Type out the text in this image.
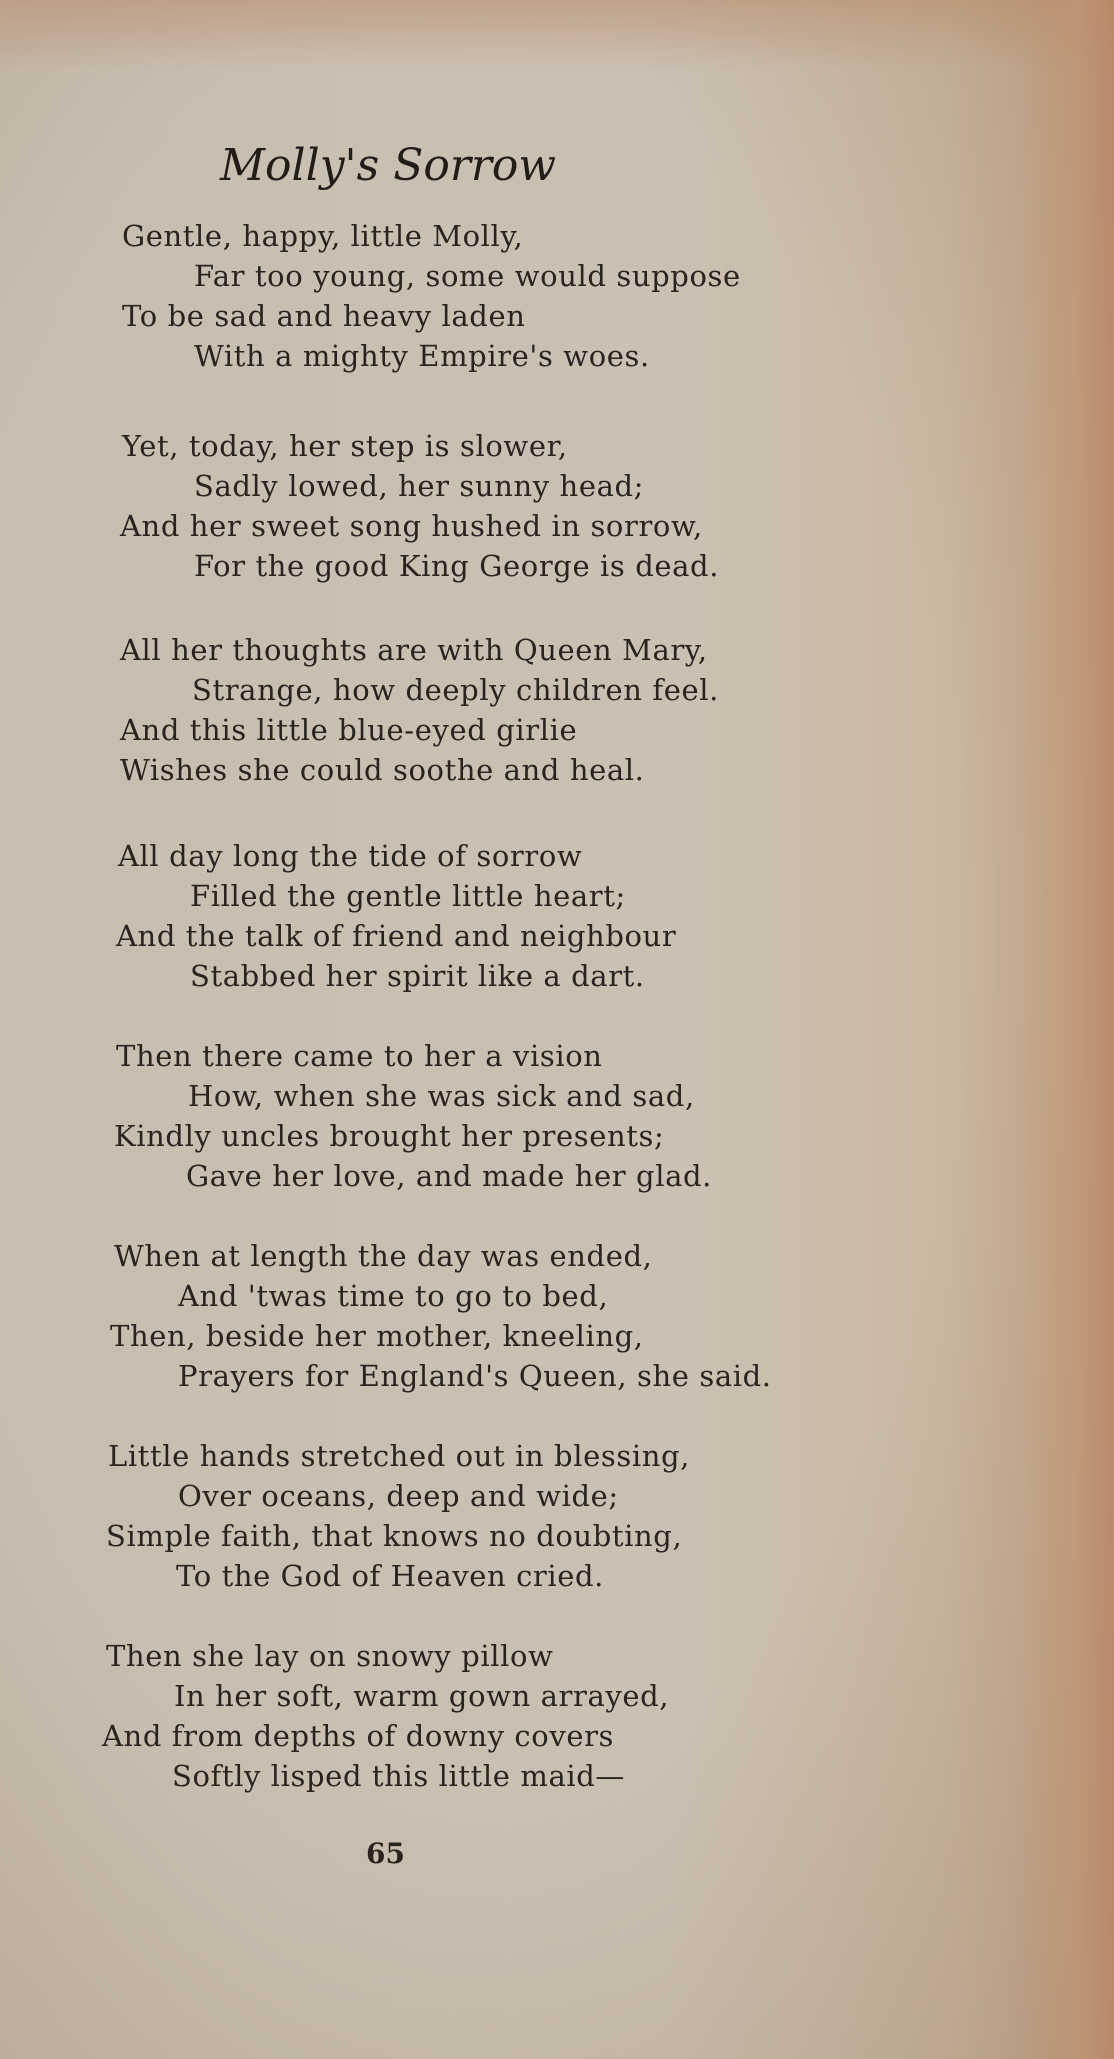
Molly's Sorrow
Gentle, happy, little Molly,
Far too young, some would suppose
To be sad and heavy laden
With a mighty Empire's woes.
Yet, today, her step is slower,
Sadly lowed, her sunny head;
And her sweet song hushed in sorrow,
For the good King George is dead.
All her thoughts are with Queen Mary,
Strange, how deeply children feel.
And this little blue-eyed girlie
Wishes she could soothe and heal.
All day long the tide of sorrow
Filled the gentle little heart;
And the talk of friend and neighbour
Stabbed her spirit like a dart.
Then there came to her a vision
How, when she was sick and sad,
Kindly uncles brought her presents;
Gave her love, and made her glad.
When at length the day was ended,
And 'twas time to go to bed,
Then, beside her mother, kneeling,
Prayers for England's Queen, she said.
Little hands stretched out in blessing,
Over oceans, deep and wide;
Simple faith, that knows no doubting,
To the God of Heaven cried.
Then she lay on snowy pillow
In her soft, warm gown arrayed,
And from depths of downy covers
Softly lisped this little maid—
65
